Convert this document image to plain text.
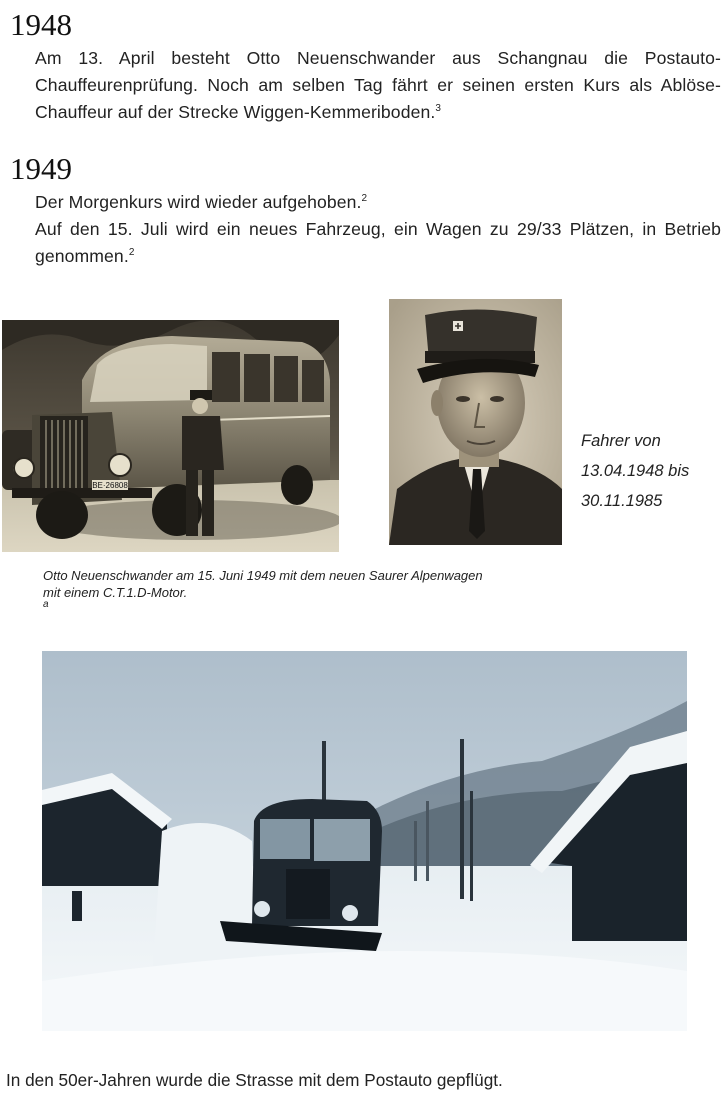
1948

Am 13. April besteht Otto Neuenschwander aus Schangnau die Postauto-Chauffeurenprüfung. Noch am selben Tag fährt er seinen ersten Kurs als Ablöse-Chauffeur auf der Strecke Wiggen-Kemmeriboden.$^3$

1949

Der Morgenkurs wird wieder aufgehoben.$^2$

Auf den 15. Juli wird ein neues Fahrzeug, ein Wagen zu 29/33 Plätzen, in Betrieb genommen.$^2$

BE·26808
Fahrer von
13.04.1948 bis
30.11.1985
Otto Neuenschwander am 15. Juni 1949 mit dem neuen Saurer Alpenwagen
mit einem C.T.1.D-Motor.
$^a$
In den 50er-Jahren wurde die Strasse mit dem Postauto gepflügt.
